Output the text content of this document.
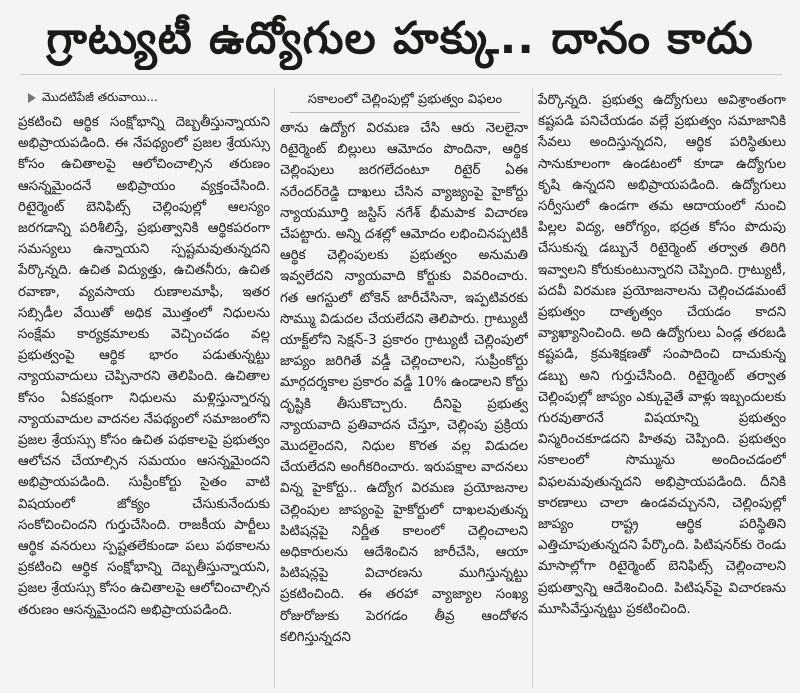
గ్రాట్యుటీ ఉద్యోగుల హక్కు.. దానం కాదు
మొదటిపేజీ తరువాయి...

ప్రకటించి ఆర్థిక సంక్షోభాన్ని దెబ్బతీస్తున్నాయని అభిప్రాయపడింది. ఈ నేపథ్యంలో ప్రజల శ్రేయస్సు కోసం ఉచితాలపై ఆలోచించాల్సిన తరుణం ఆసన్నమైందనే అభిప్రాయం వ్యక్తంచేసింది. రిటైర్మెంట్ బెనిఫిట్స్ చెల్లింపుల్లో ఆలస్యం జరగడాన్ని పరిశీలిస్తే, ప్రభుత్వానికి ఆర్థికపరంగా సమస్యలు ఉన్నాయని స్పష్టమవుతున్నదని పేర్కొన్నది. ఉచిత విద్యుత్తు, ఉచితనీరు, ఉచిత రవాణా, వ్యవసాయ రుణాలమాఫీ, ఇతర సబ్సిడీల వేయితో అధిక మొత్తంలో నిధులను సంక్షేమ కార్యక్రమాలకు వెచ్చించడం వల్ల ప్రభుత్వంపై ఆర్థిక భారం పడుతున్నట్టు న్యాయవాదులు చెప్పినారని తెలిపింది. ఉచితాల కోసం ఏకపక్షంగా నిధులను మళ్లిస్తున్నారన్న న్యాయవాదుల వాదనల నేపథ్యంలో సమాజంలోని ప్రజల శ్రేయస్సు కోసం ఉచిత పథకాలపై ప్రభుత్వం ఆలోచన చేయాల్సిన సమయం ఆసన్నమైందని అభిప్రాయపడింది. సుప్రీంకోర్టు సైతం వాటి విషయంలో జోక్యం చేసుకునేందుకు సంకోచించిందని గుర్తుచేసింది. రాజకీయ పార్టీలు ఆర్థిక వనరులు స్పష్టతలేకుండా పలు పథకాలను ప్రకటించి ఆర్థిక సంక్షోభాన్ని దెబ్బతీస్తున్నాయని, ప్రజల శ్రేయస్సు కోసం ఉచితాలపై ఆలోచించాల్సిన తరుణం ఆసన్నమైందని అభిప్రాయపడింది.

సకాలంలో చెల్లింపుల్లో ప్రభుత్వం విఫలం

తాను ఉద్యోగ విరమణ చేసి ఆరు నెలలైనా రిటైర్మెంట్ బిల్లులు ఆమోదం పొందినా, ఆర్థిక చెల్లింపులు జరగలేదంటూ రిటైర్ ఏఈ నరేందర్‌రెడ్డి దాఖలు చేసిన వ్యాజ్యంపై హైకోర్టు న్యాయమూర్తి జస్టిస్ నగేశ్ భీమపాక విచారణ చేపట్టారు. అన్ని దశల్లో ఆమోదం లభించినప్పటికీ ఆర్థిక చెల్లింపులకు ప్రభుత్వం అనుమతి ఇవ్వలేదని న్యాయవాది కోర్టుకు వివరించారు. గత ఆగస్టులో టోకెన్ జారీచేసినా, ఇప్పటివరకు సొమ్ము విడుదల చేయలేదని తెలిపారు. గ్రాట్యుటీ యాక్ట్‌లోని సెక్షన్-3 ప్రకారం గ్రాట్యుటీ చెల్లింపులో జాప్యం జరిగితే వడ్డీ చెల్లించాలని, సుప్రీంకోర్టు మార్గదర్శకాల ప్రకారం వడ్డీ 10% ఉండాలని కోర్టు దృష్టికి తీసుకొచ్చారు. దీనిపై ప్రభుత్వ న్యాయవాది ప్రతివాదన చేస్తూ, చెల్లింపు ప్రక్రియ మొదలైందని, నిధుల కొరత వల్ల విడుదల చేయలేదని అంగీకరించారు. ఇరుపక్షాల వాదనలు విన్న హైకోర్టు.. ఉద్యోగ విరమణ ప్రయోజనాల చెల్లింపుల జాప్యంపై హైకోర్టులో దాఖలవుతున్న పిటిషన్లపై నిర్ణీత కాలంలో చెల్లించాలని అధికారులను ఆదేశించిన జారీచేసి, ఆయా పిటిషన్లపై విచారణను ముగిస్తున్నట్టు ప్రకటించింది. ఈ తరహా వ్యాజ్యాల సంఖ్య రోజురోజుకు పెరగడం తీవ్ర ఆందోళన కలిగిస్తున్నదని

పేర్కొన్నది. ప్రభుత్వ ఉద్యోగులు అవిశ్రాంతంగా కష్టపడి పనిచేయడం వల్లే ప్రభుత్వం సమాజానికి సేవలు అందిస్తున్నదని, ఆర్థిక పరిస్థితులు సానుకూలంగా ఉండటంలో కూడా ఉద్యోగుల కృషి ఉన్నదని అభిప్రాయపడింది. ఉద్యోగులు సర్వీసులో ఉండగా తమ ఆదాయంలో నుంచి పిల్లల విద్య, ఆరోగ్యం, భద్రత కోసం పొదుపు చేసుకున్న డబ్బునే రిటైర్మెంట్ తర్వాత తిరిగి ఇవ్వాలని కోరుకుంటున్నారని చెప్పింది. గ్రాట్యుటీ, పదవీ విరమణ ప్రయోజనాలను చెల్లించడమంటే ప్రభుత్వం దాతృత్వం చేయడం కాదని వ్యాఖ్యానించింది. అది ఉద్యోగులు ఏండ్ల తరబడి కష్టపడి, క్రమశిక్షణతో సంపాదించి దాచుకున్న డబ్బు అని గుర్తుచేసింది. రిటైర్మెంట్ తర్వాత చెల్లింపుల్లో జాప్యం ఎక్కువైతే వాళ్లు ఇబ్బందులకు గురవుతారనే విషయాన్ని ప్రభుత్వం విస్మరించకూడదని హితవు చెప్పింది. ప్రభుత్వం సకాలంలో సొమ్మును అందించడంలో విఫలమవుతున్నదని అభిప్రాయపడింది. దీనికి కారణాలు చాలా ఉండవచ్చునని, చెల్లింపుల్లో జాప్యం రాష్ట్ర ఆర్థిక పరిస్థితిని ఎత్తిచూపుతున్నదని పేర్కొంది. పిటిషనర్‌కు రెండు మాసాల్లోగా రిటైర్మెంట్ బెనిఫిట్స్ చెల్లించాలని ప్రభుత్వాన్ని ఆదేశించింది. పిటిషన్‌పై విచారణను మూసివేస్తున్నట్టు ప్రకటించింది.
